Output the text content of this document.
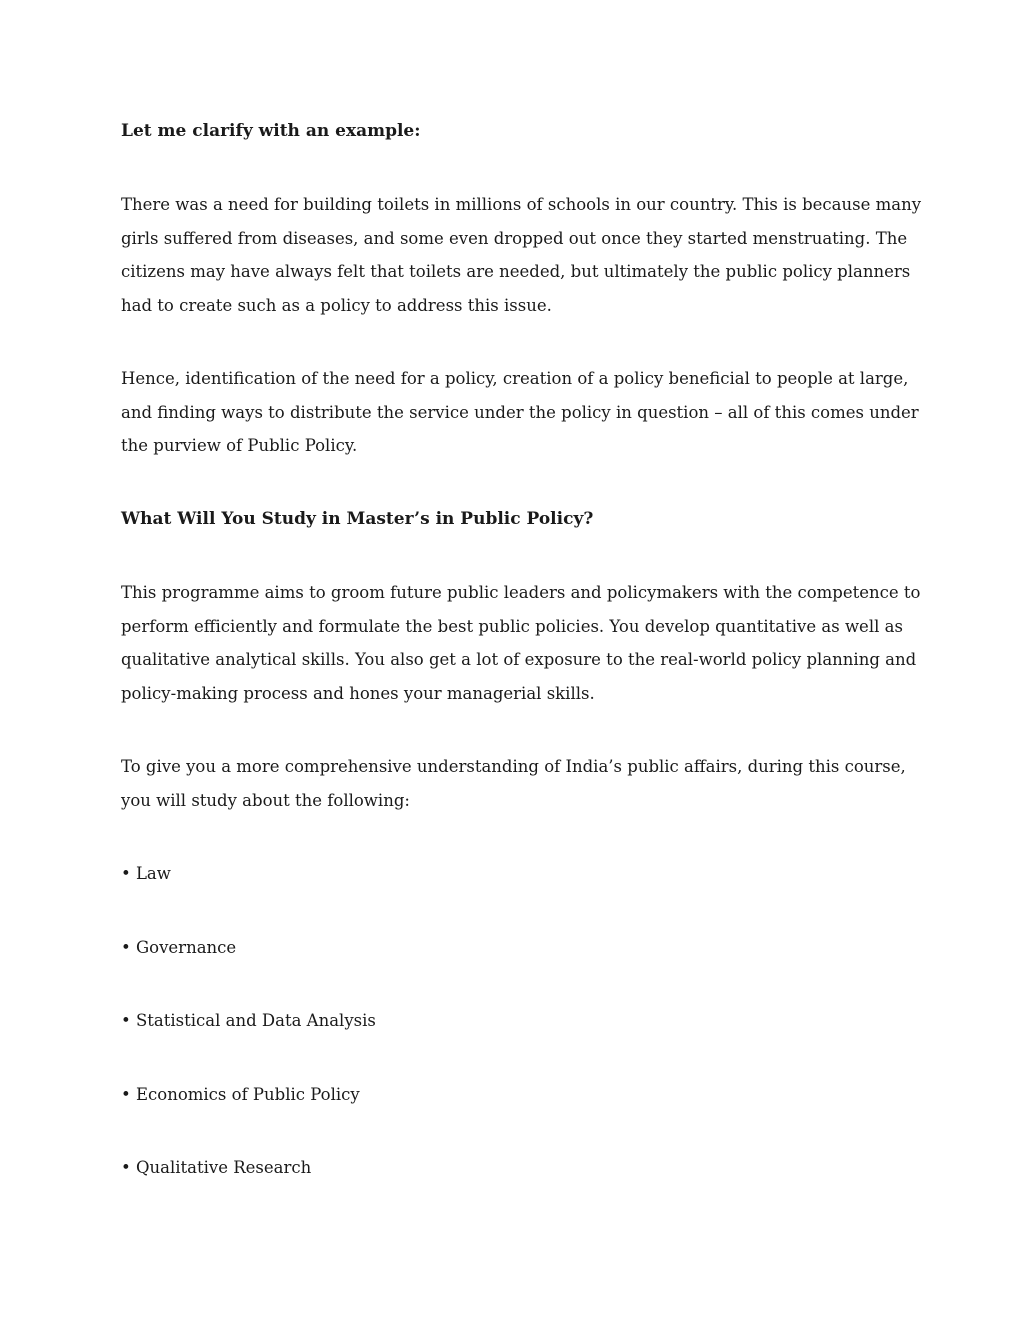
Let me clarify with an example:

There was a need for building toilets in millions of schools in our country. This is because many
girls suffered from diseases, and some even dropped out once they started menstruating. The
citizens may have always felt that toilets are needed, but ultimately the public policy planners
had to create such as a policy to address this issue.

Hence, identification of the need for a policy, creation of a policy beneficial to people at large,
and finding ways to distribute the service under the policy in question – all of this comes under
the purview of Public Policy.

What Will You Study in Master’s in Public Policy?

This programme aims to groom future public leaders and policymakers with the competence to
perform efficiently and formulate the best public policies. You develop quantitative as well as
qualitative analytical skills. You also get a lot of exposure to the real-world policy planning and
policy-making process and hones your managerial skills.

To give you a more comprehensive understanding of India’s public affairs, during this course,
you will study about the following:

• Law

• Governance

• Statistical and Data Analysis

• Economics of Public Policy

• Qualitative Research
